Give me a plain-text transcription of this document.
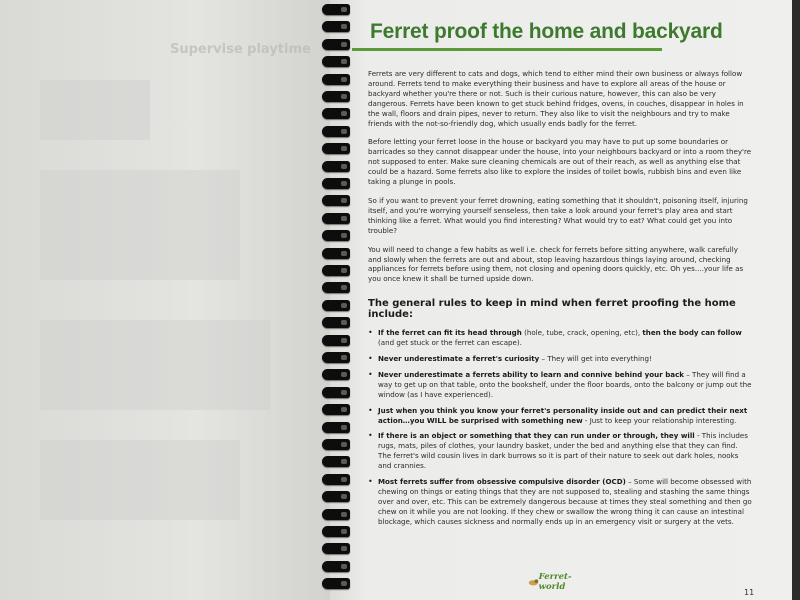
Supervise playtime
Ferret proof the home and backyard

Ferrets are very different to cats and dogs, which tend to either mind their own business or always follow around. Ferrets tend to make everything their business and have to explore all areas of the house or backyard whether you're there or not. Such is their curious nature, however, this can also be very dangerous. Ferrets have been known to get stuck behind fridges, ovens, in couches, disappear in holes in the wall, floors and drain pipes, never to return. They also like to visit the neighbours and try to make friends with the not-so-friendly dog, which usually ends badly for the ferret.

Before letting your ferret loose in the house or backyard you may have to put up some boundaries or barricades so they cannot disappear under the house, into your neighbours backyard or into a room they're not supposed to enter. Make sure cleaning chemicals are out of their reach, as well as anything else that could be a hazard. Some ferrets also like to explore the insides of toilet bowls, rubbish bins and even like taking a plunge in pools.

So if you want to prevent your ferret drowning, eating something that it shouldn't, poisoning itself, injuring itself, and you're worrying yourself senseless, then take a look around your ferret's play area and start thinking like a ferret. What would you find interesting? What would try to eat? What could get you into trouble?

You will need to change a few habits as well i.e. check for ferrets before sitting anywhere, walk carefully and slowly when the ferrets are out and about, stop leaving hazardous things laying around, checking appliances for ferrets before using them, not closing and opening doors quickly, etc. Oh yes....your life as you once knew it shall be turned upside down.

The general rules to keep in mind when ferret proofing the home include:
• If the ferret can fit its head through (hole, tube, crack, opening, etc), then the body can follow (and get stuck or the ferret can escape).
• Never underestimate a ferret's curiosity – They will get into everything!
• Never underestimate a ferrets ability to learn and connive behind your back – They will find a way to get up on that table, onto the bookshelf, under the floor boards, onto the balcony or jump out the window (as I have experienced).
• Just when you think you know your ferret's personality inside out and can predict their next action…you WILL be surprised with something new - Just to keep your relationship interesting.
• If there is an object or something that they can run under or through, they will - This includes rugs, mats, piles of clothes, your laundry basket, under the bed and anything else that they can find. The ferret's wild cousin lives in dark burrows so it is part of their nature to seek out dark holes, nooks and crannies.
• Most ferrets suffer from obsessive compulsive disorder (OCD) – Some will become obsessed with chewing on things or eating things that they are not supposed to, stealing and stashing the same things over and over, etc. This can be extremely dangerous because at times they steal something and then go chew on it while you are not looking. If they chew or swallow the wrong thing it can cause an intestinal blockage, which causes sickness and normally ends up in an emergency visit or surgery at the vets.
Ferret-world
11
